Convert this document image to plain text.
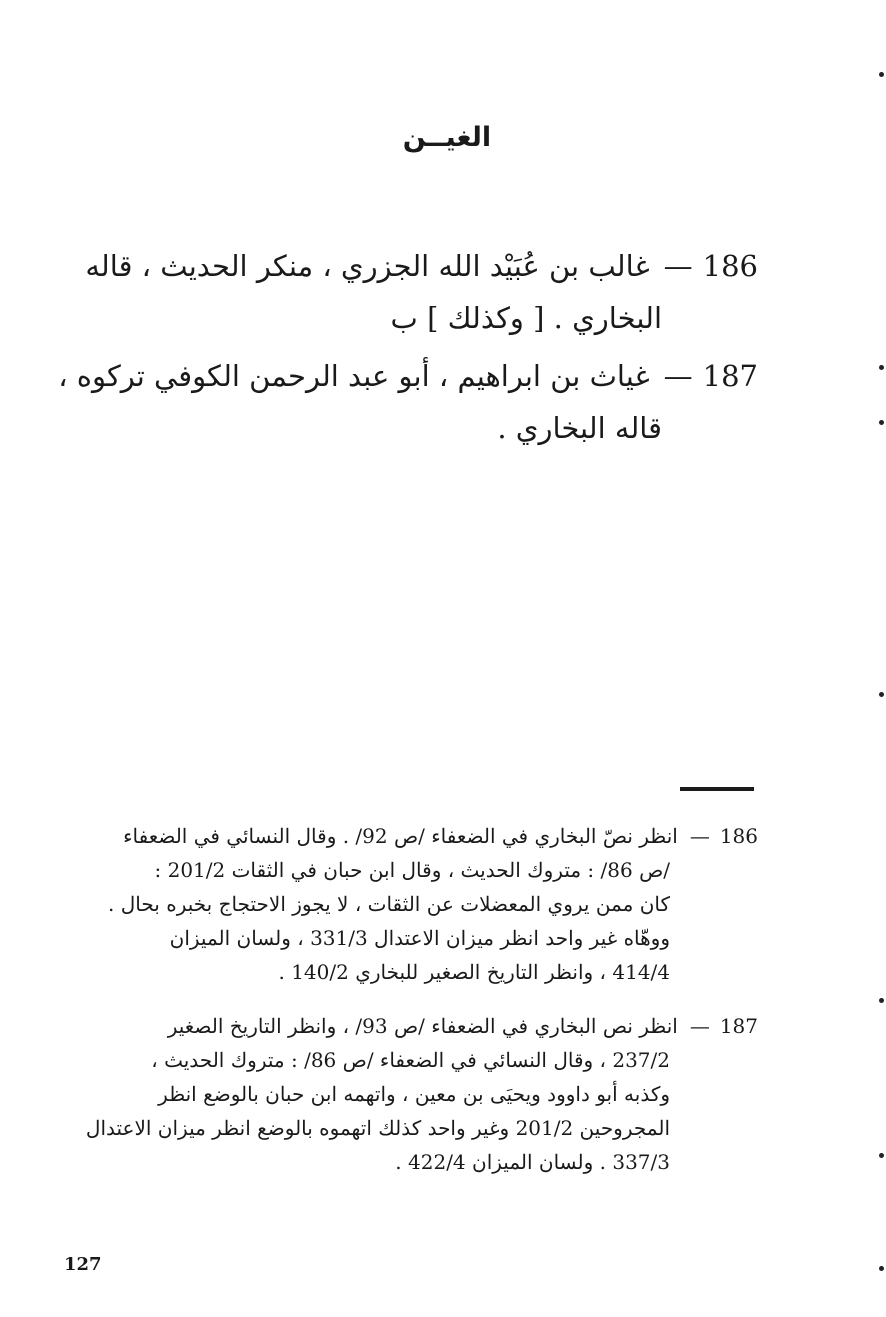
الغيــن
186—غالب بن عُبَيْد الله الجزري ، منكر الحديث ، قاله
البخاري . [ وكذلك ] ب
187—غياث بن ابراهيم ، أبو عبد الرحمن الكوفي تركوه ،
قاله البخاري .
186—انظر نصّ البخاري في الضعفاء /ص 92/ . وقال النسائي في الضعفاء
/ص 86/ : متروك الحديث ، وقال ابن حبان في الثقات 201/2 :
كان ممن يروي المعضلات عن الثقات ، لا يجوز الاحتجاج بخبره بحال .
ووهّاه غير واحد انظر ميزان الاعتدال 331/3 ، ولسان الميزان
414/4 ، وانظر التاريخ الصغير للبخاري 140/2 .
187—انظر نص البخاري في الضعفاء /ص 93/ ، وانظر التاريخ الصغير
237/2 ، وقال النسائي في الضعفاء /ص 86/ : متروك الحديث ،
وكذبه أبو داوود ويحيَى بن معين ، واتهمه ابن حبان بالوضع انظر
المجروحين 201/2 وغير واحد كذلك اتهموه بالوضع انظر ميزان الاعتدال
337/3 . ولسان الميزان 422/4 .
127
